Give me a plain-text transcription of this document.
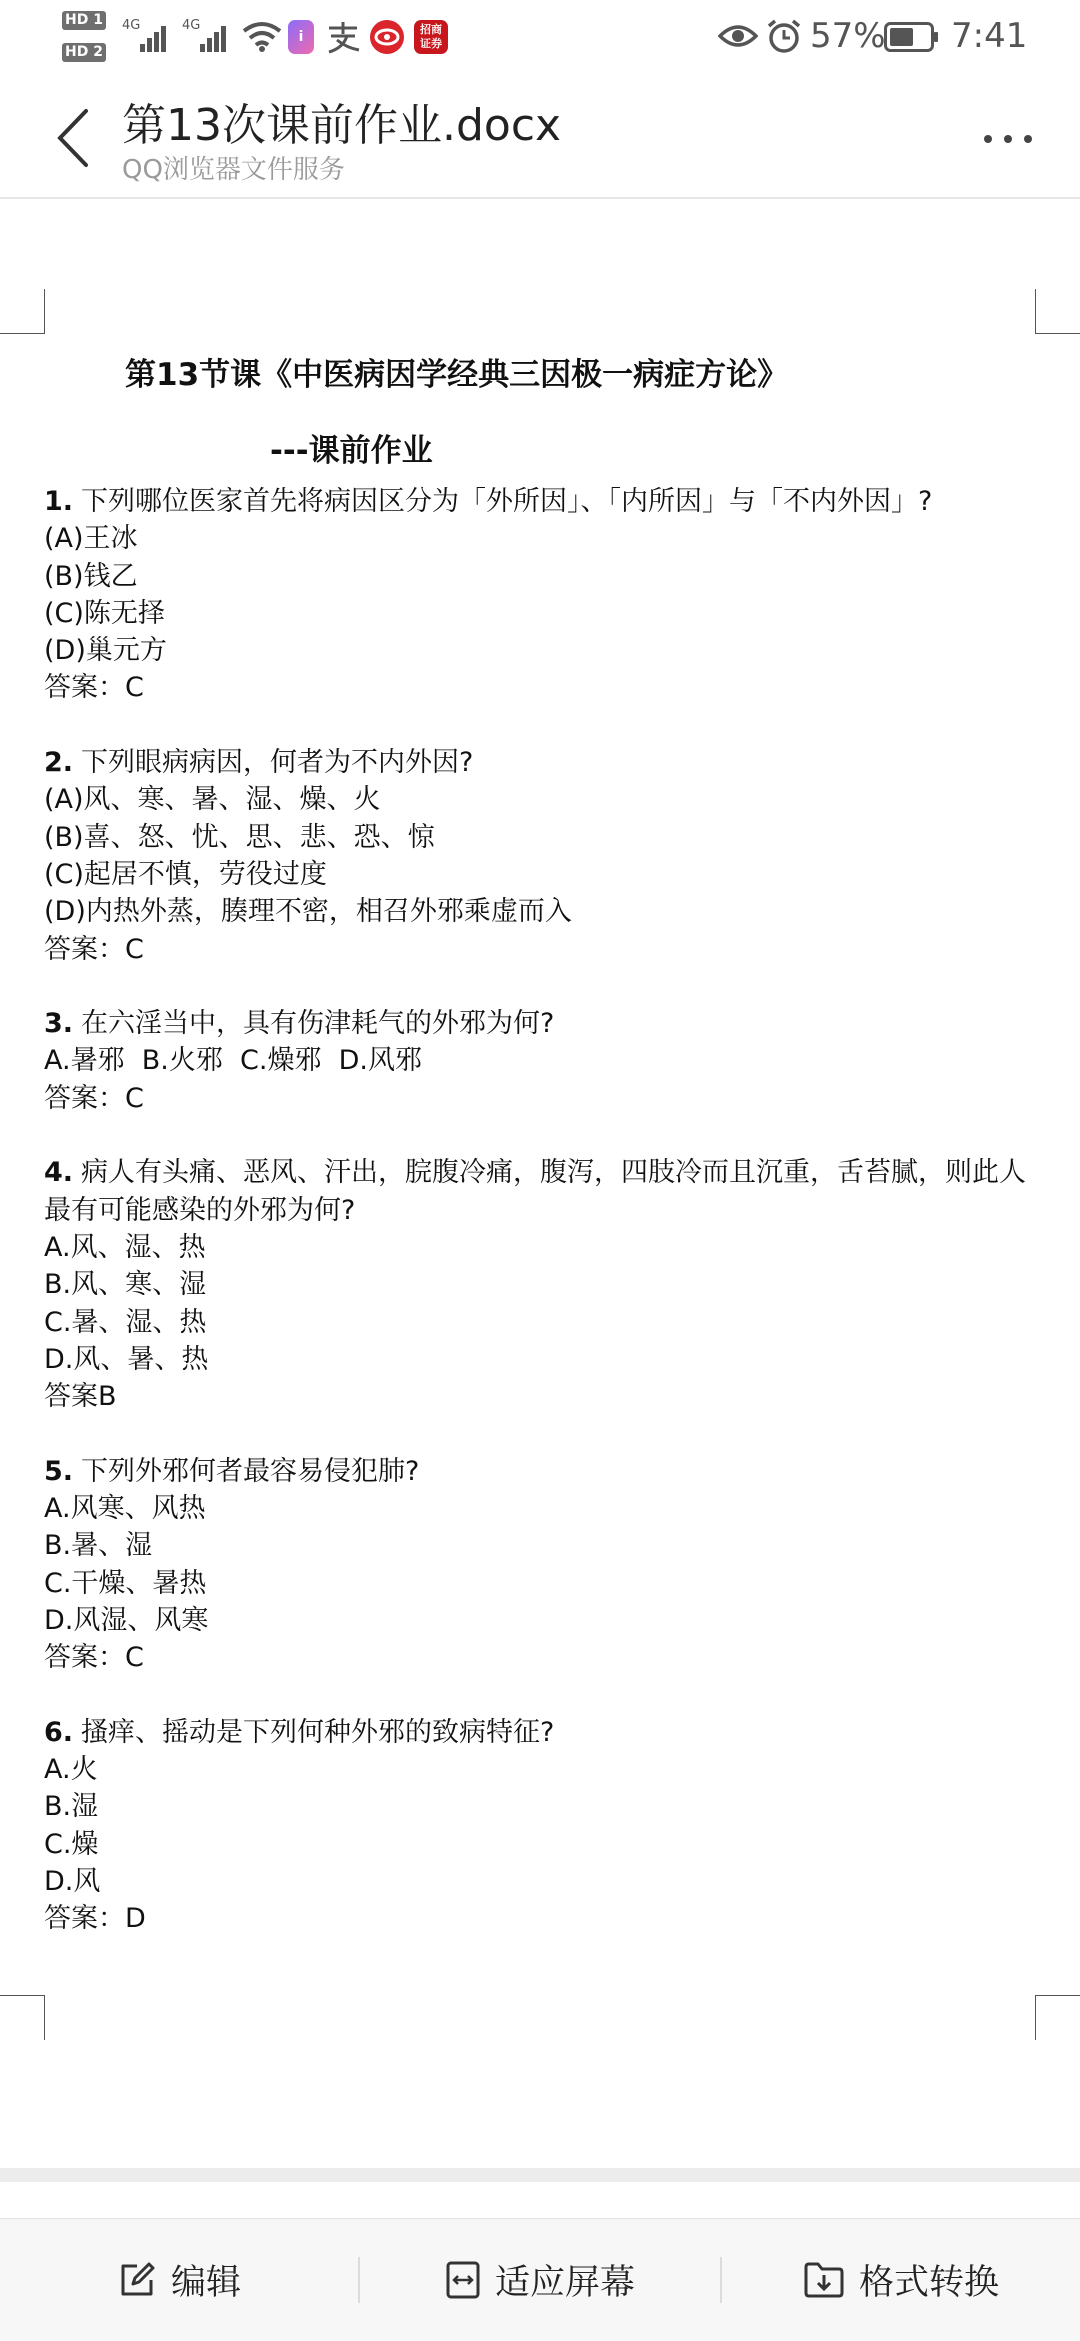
HD 1
HD 2
4G	4G
i	招商
证券	57% 7:41
第13次课前作业.docx
QQ浏览器文件服务
第13节课《中医病因学经典三因极一病症方论》
---课前作业
1. 下列哪位医家首先将病因区分为「外所因」、「内所因」与「不内外因」?
(A)王冰
(B)钱乙
(C)陈无择
(D)巢元方
答案：C
2. 下列眼病病因，何者为不内外因?
(A)风、寒、暑、湿、燥、火
(B)喜、怒、忧、思、悲、恐、惊
(C)起居不慎，劳役过度
(D)内热外蒸，腠理不密，相召外邪乘虚而入
答案：C
3. 在六淫当中，具有伤津耗气的外邪为何?
A.暑邪  B.火邪  C.燥邪  D.风邪
答案：C
4. 病人有头痛、恶风、汗出，脘腹冷痛，腹泻，四肢冷而且沉重，舌苔腻，则此人最有可能感染的外邪为何?
A.风、湿、热
B.风、寒、湿
C.暑、湿、热
D.风、暑、热
答案B
5. 下列外邪何者最容易侵犯肺?
A.风寒、风热
B.暑、湿
C.干燥、暑热
D.风湿、风寒
答案：C
6. 搔痒、摇动是下列何种外邪的致病特征?
A.火
B.湿
C.燥
D.风
答案：D
编辑	适应屏幕	格式转换
